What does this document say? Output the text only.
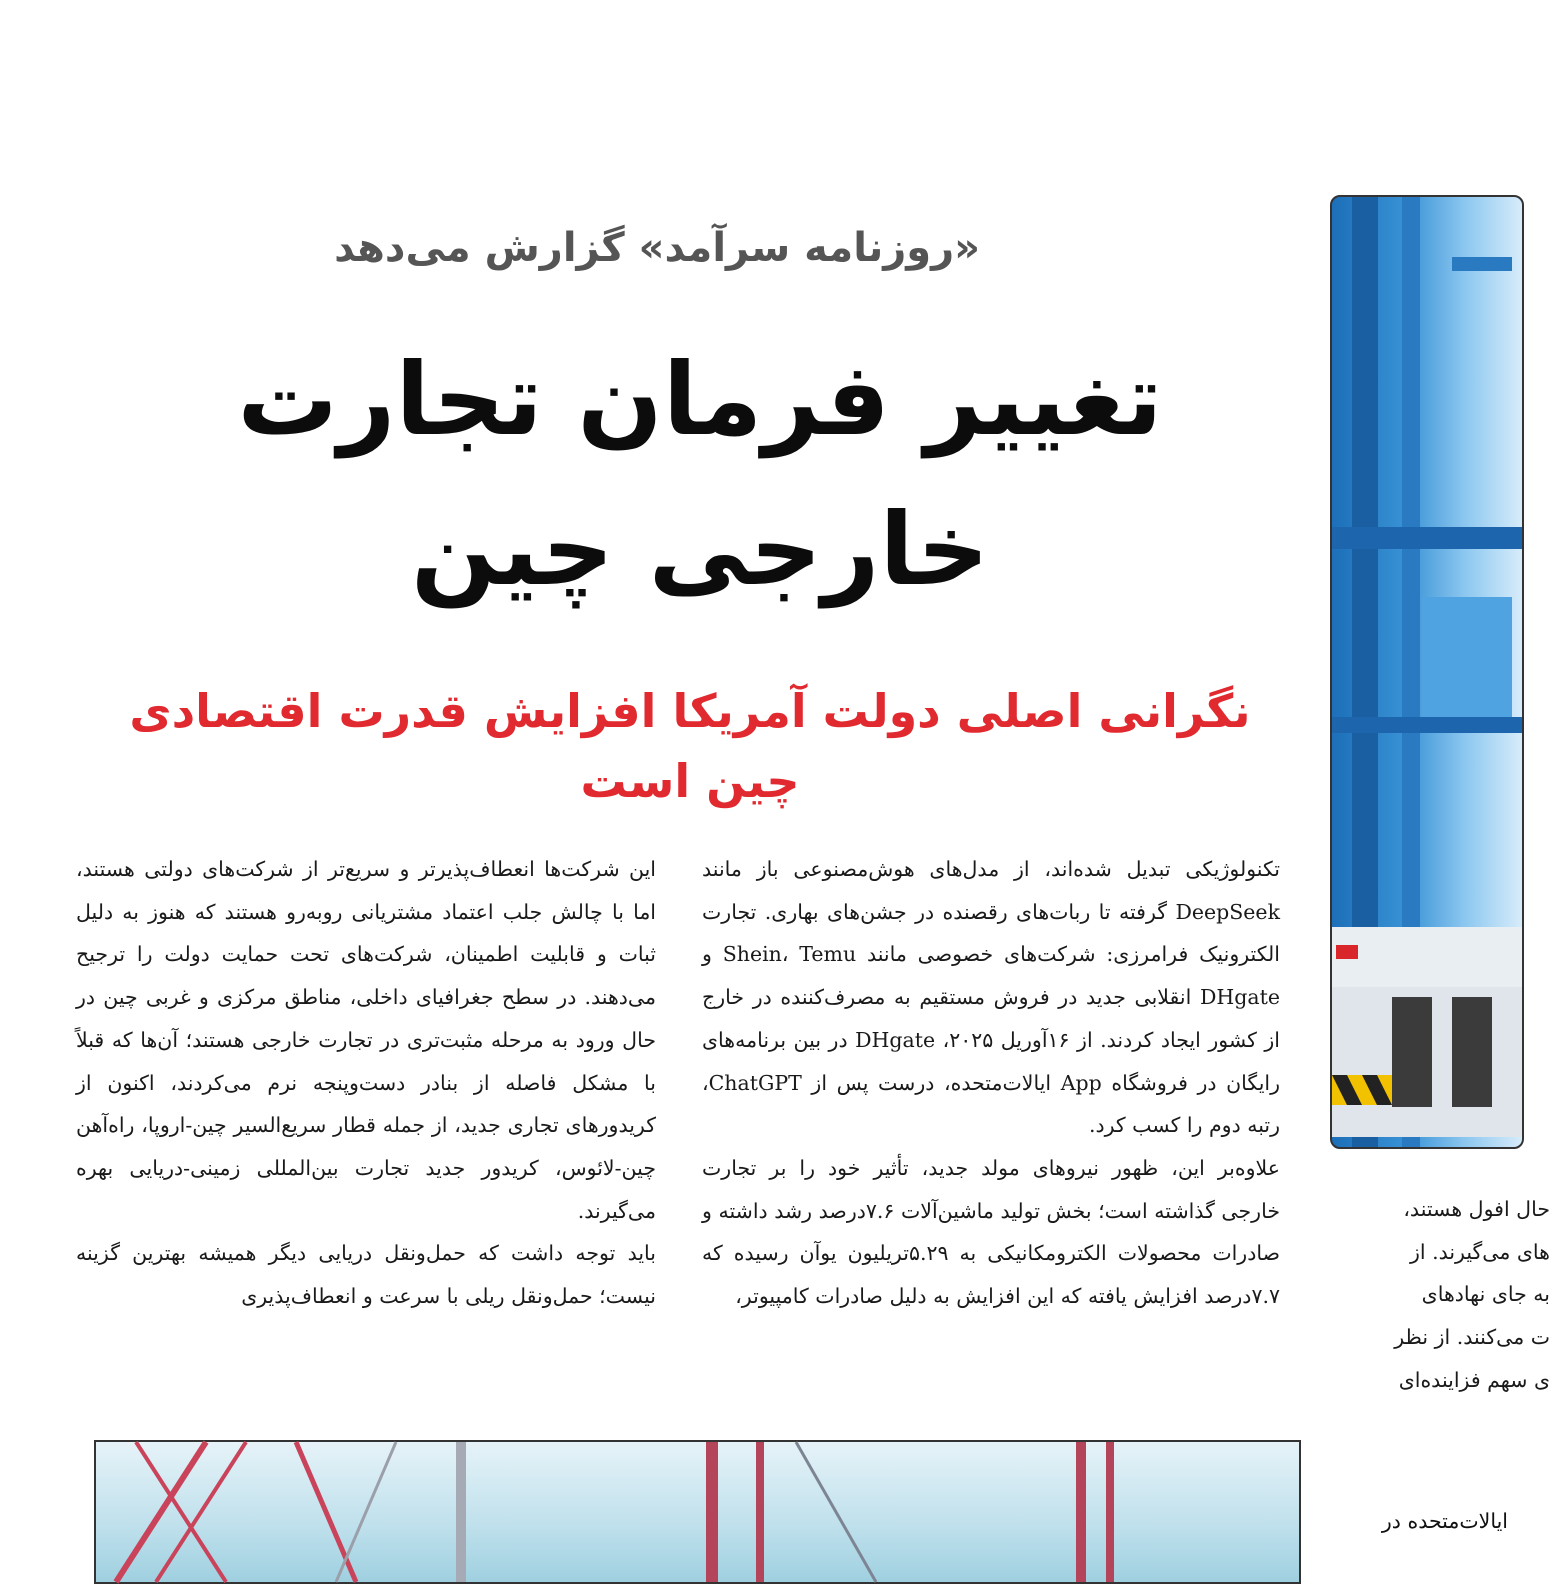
«روزنامه سرآمد» گزارش می‌دهد
تغییر فرمان تجارت خارجی چین
نگرانی اصلی دولت آمریکا افزایش قدرت اقتصادی چین است

تکنولوژیکی تبدیل شده‌اند، از مدل‌های هوش‌مصنوعی باز مانند DeepSeek گرفته تا ربات‌های رقصنده در جشن‌های بهاری. تجارت الکترونیک فرامرزی: شرکت‌های خصوصی مانند Shein، Temu و DHgate انقلابی جدید در فروش مستقیم به مصرف‌کننده در خارج از کشور ایجاد کردند. از ۱۶آوریل ۲۰۲۵، DHgate در بین برنامه‌های رایگان در فروشگاه App ایالات‌متحده، درست پس از ChatGPT، رتبه دوم را کسب کرد.

علاوه‌بر این، ظهور نیروهای مولد جدید، تأثیر خود را بر تجارت خارجی گذاشته است؛ بخش تولید ماشین‌آلات ۷.۶درصد رشد داشته و صادرات محصولات الکترومکانیکی به ۵.۲۹تریلیون یوآن رسیده که ۷.۷درصد افزایش یافته که این افزایش به دلیل صادرات کامپیوتر،

این شرکت‌ها انعطاف‌پذیرتر و سریع‌تر از شرکت‌های دولتی هستند، اما با چالش جلب اعتماد مشتریانی روبه‌رو هستند که هنوز به دلیل ثبات و قابلیت اطمینان، شرکت‌های تحت حمایت دولت را ترجیح می‌دهند. در سطح جغرافیای داخلی، مناطق مرکزی و غربی چین در حال ورود به مرحله مثبت‌تری در تجارت خارجی هستند؛ آن‌ها که قبلاً با مشکل فاصله از بنادر دست‌وپنجه نرم می‌کردند، اکنون از کریدورهای تجاری جدید، از جمله قطار سریع‌السیر چین-اروپا، راه‌آهن چین-لائوس، کریدور جدید تجارت بین‌المللی زمینی-دریایی بهره می‌گیرند.

باید توجه داشت که حمل‌ونقل دریایی دیگر همیشه بهترین گزینه نیست؛ حمل‌ونقل ریلی با سرعت و انعطاف‌پذیری

حال افول هستند،

های می‌گیرند. از

به جای نهادهای

ت می‌کنند. از نظر

ی سهم فزاینده‌ای

ایالات‌متحده در
